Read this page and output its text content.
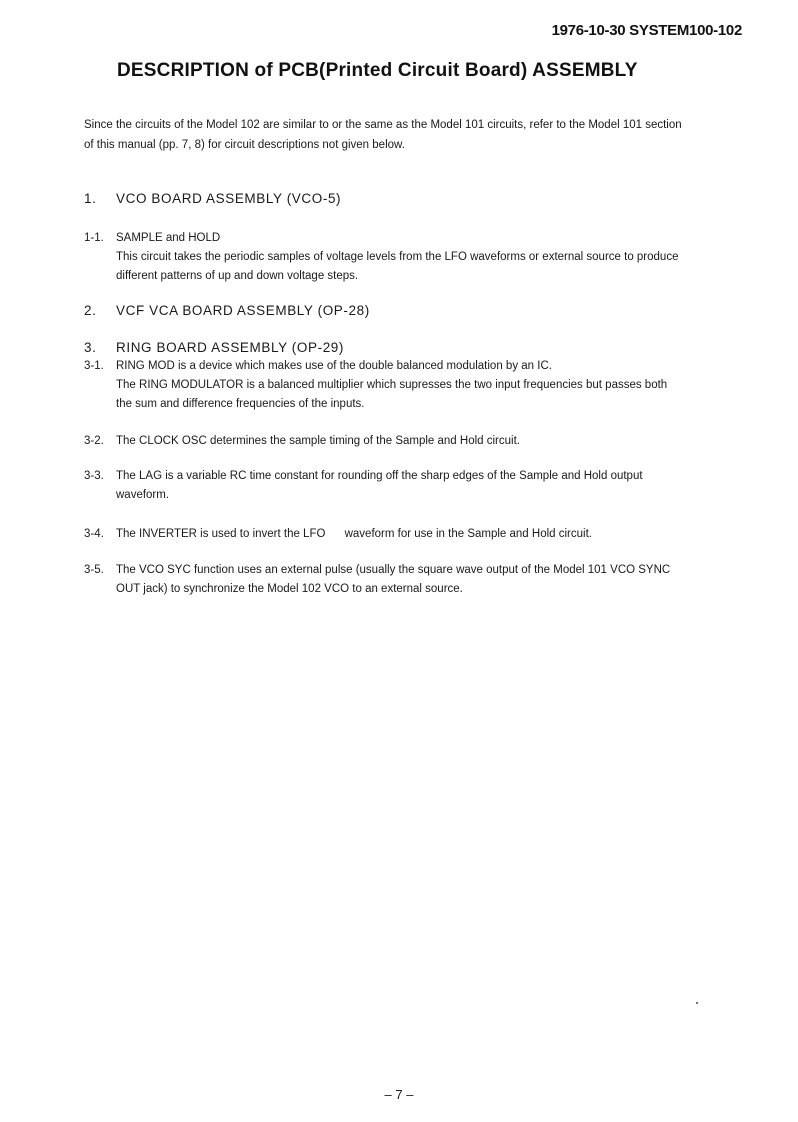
1976-10-30 SYSTEM100-102
DESCRIPTION of PCB(Printed Circuit Board) ASSEMBLY

Since the circuits of the Model 102 are similar to or the same as the Model 101 circuits, refer to the Model 101 section

of this manual (pp. 7, 8) for circuit descriptions not given below.

1. VCO BOARD ASSEMBLY (VCO-5)
1-1. SAMPLE and HOLD

This circuit takes the periodic samples of voltage levels from the LFO waveforms or external source to produce

different patterns of up and down voltage steps.

2. VCF VCA BOARD ASSEMBLY (OP-28)
3. RING BOARD ASSEMBLY (OP-29)
3-1. RING MOD is a device which makes use of the double balanced modulation by an IC.

The RING MODULATOR is a balanced multiplier which supresses the two input frequencies but passes both

the sum and difference frequencies of the inputs.

3-2. The CLOCK OSC determines the sample timing of the Sample and Hold circuit.

3-3. The LAG is a variable RC time constant for rounding off the sharp edges of the Sample and Hold output

waveform.

3-4. The INVERTER is used to invert the LFO      waveform for use in the Sample and Hold circuit.

3-5. The VCO SYC function uses an external pulse (usually the square wave output of the Model 101 VCO SYNC

OUT jack) to synchronize the Model 102 VCO to an external source.

– 7 –
